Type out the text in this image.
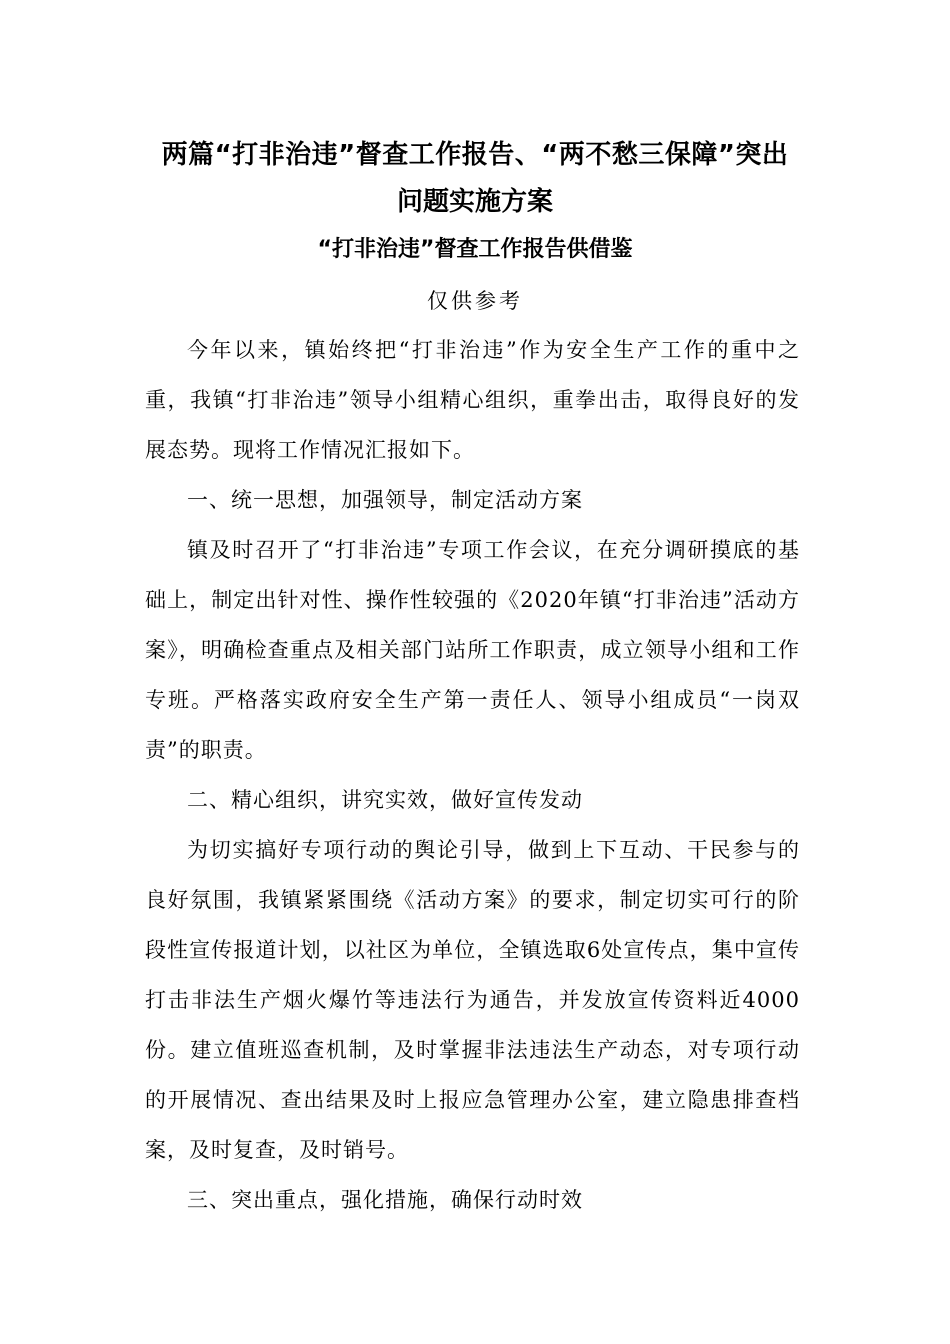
两篇“打非治违”督查工作报告、“两不愁三保障”突出
问题实施方案
“打非治违”督查工作报告供借鉴

仅供参考

今年以来，镇始终把“打非治违”作为安全生产工作的重中之重，我镇“打非治违”领导小组精心组织，重拳出击，取得良好的发展态势。现将工作情况汇报如下。

一、统一思想，加强领导，制定活动方案

镇及时召开了“打非治违”专项工作会议，在充分调研摸底的基础上，制定出针对性、操作性较强的《2020年镇“打非治违”活动方案》，明确检查重点及相关部门站所工作职责，成立领导小组和工作专班。严格落实政府安全生产第一责任人、领导小组成员“一岗双责”的职责。

二、精心组织，讲究实效，做好宣传发动

为切实搞好专项行动的舆论引导，做到上下互动、干民参与的良好氛围，我镇紧紧围绕《活动方案》的要求，制定切实可行的阶段性宣传报道计划，以社区为单位，全镇选取6处宣传点，集中宣传打击非法生产烟火爆竹等违法行为通告，并发放宣传资料近4000份。建立值班巡查机制，及时掌握非法违法生产动态，对专项行动的开展情况、查出结果及时上报应急管理办公室，建立隐患排查档案，及时复查，及时销号。

三、突出重点，强化措施，确保行动时效
